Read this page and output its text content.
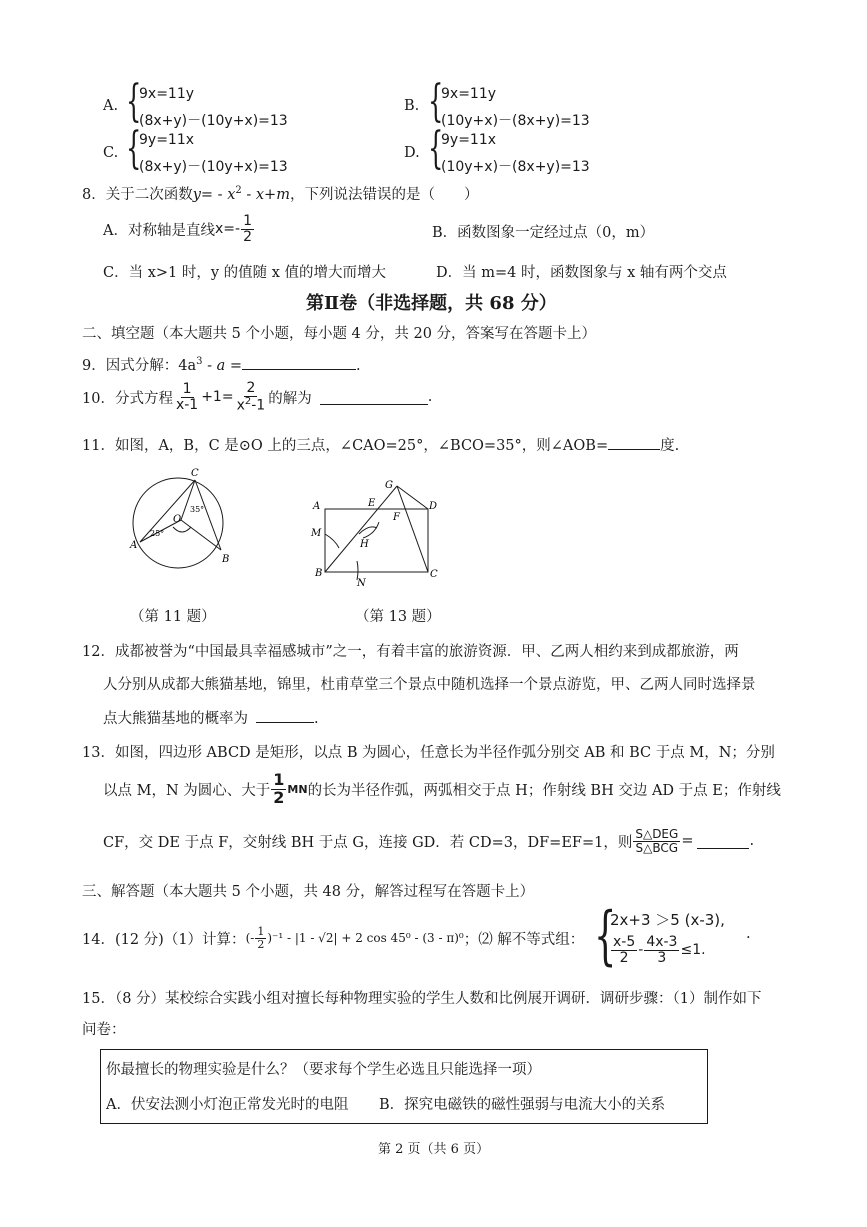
A. {
9x=11y
(8x+y)－(10y+x)=13
B. {
9x=11y
(10y+x)－(8x+y)=13
C. {
9y=11x
(8x+y)－(10y+x)=13
D. {
9y=11x
(10y+x)－(8x+y)=13
8．关于二次函数$y= - x^2 - x+m$，下列说法错误的是（　　）
A．对称轴是直线 $x=- \frac{1}{2}$	B．函数图象一定经过点（0，m）
C．当 x>1 时，y 的值随 x 值的增大而增大	D．当 m=4 时，函数图象与 x 轴有两个交点
第Ⅱ卷（非选择题，共 68 分）
二、填空题（本大题共 5 个小题，每小题 4 分，共 20 分，答案写在答题卡上）
9．因式分解：$4a^3$ - a =	.
10．分式方程 $\frac{1}{x-1} +1= \frac{2}{x^2-1}$ 的解为	.
11．如图，A，B，C 是⊙O 上的三点，∠CAO=25°，∠BCO=35°，则∠AOB=	度.
C
O
A
B
25°
35°
（第 11 题）
A
B	C
D
E
F
G
H
M
N
（第 13 题）
12．成都被誉为“中国最具幸福感城市”之一，有着丰富的旅游资源．甲、乙两人相约来到成都旅游，两
人分别从成都大熊猫基地，锦里，杜甫草堂三个景点中随机选择一个景点游览，甲、乙两人同时选择景
点大熊猫基地的概率为	.
13．如图，四边形 ABCD 是矩形，以点 B 为圆心，任意长为半径作弧分别交 AB 和 BC 于点 M，N；分别
以点 M，N 为圆心、大于 $\frac{1}{2}$ MN 的长为半径作弧，两弧相交于点 H；作射线 BH 交边 AD 于点 E；作射线
CF，交 DE 于点 F，交射线 BH 于点 G，连接 GD．若 CD=3，DF=EF=1，则 $\frac{\text{S△DEG}}{\text{S△BCG}}$ =	.
三、解答题（本大题共 5 个小题，共 48 分，解答过程写在答题卡上）
14．(12 分)（1）计算： (- $\frac{1}{2} )^{-1} - |1 - √2| + 2$ cos 45⁰ - (3 - π)⁰ ；⑵ 解不等式组： {
2x+3 ＞5 (x-3),
$\frac{x-5}{2} - \frac{4x-3}{3} \le 1$.
.
15．（8 分）某校综合实践小组对擅长每种物理实验的学生人数和比例展开调研．调研步骤：（1）制作如下
问卷：
你最擅长的物理实验是什么？（要求每个学生必选且只能选择一项）
A．伏安法测小灯泡正常发光时的电阻 B．探究电磁铁的磁性强弱与电流大小的关系
第 2 页（共 6 页）
